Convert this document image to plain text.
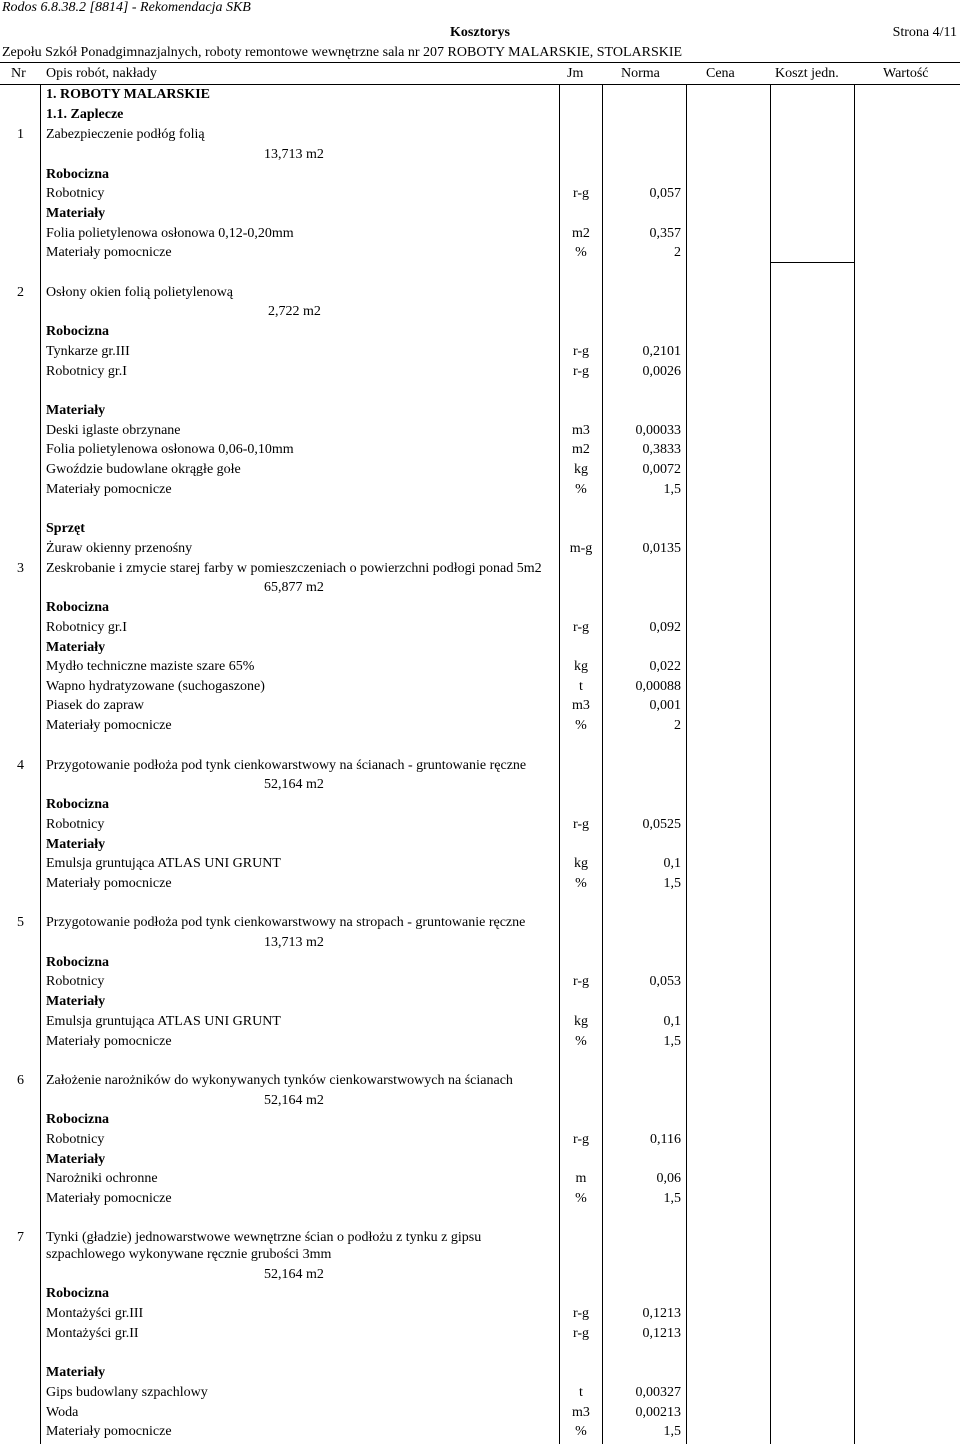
Rodos 6.8.38.2 [8814] - Rekomendacja SKB
Kosztorys	Strona 4/11
Zepołu Szkół Ponadgimnazjalnych, roboty remontowe wewnętrzne sala nr 207 ROBOTY MALARSKIE, STOLARSKIE
Nr Opis robót, nakłady	Jm	Norma	Cena	Koszt jedn.	Wartość
1. ROBOTY MALARSKIE
1.1. Zaplecze
1 Zabezpieczenie podłóg folią
13,713 m2
Robocizna
Robotnicy	r-g	0,057
Materiały
Folia polietylenowa osłonowa 0,12-0,20mm	m2	0,357
Materiały pomocnicze	%	2
2 Osłony okien folią polietylenową
2,722 m2
Robocizna
Tynkarze gr.III	r-g	0,2101
Robotnicy gr.I	r-g	0,0026
Materiały
Deski iglaste obrzynane	m3	0,00033
Folia polietylenowa osłonowa 0,06-0,10mm	m2	0,3833
Gwoździe budowlane okrągłe gołe	kg	0,0072
Materiały pomocnicze	%	1,5
Sprzęt
Żuraw okienny przenośny	m-g	0,0135
3 Zeskrobanie i zmycie starej farby w pomieszczeniach o powierzchni podłogi ponad 5m2
65,877 m2
Robocizna
Robotnicy gr.I	r-g	0,092
Materiały
Mydło techniczne maziste szare 65%	kg	0,022
Wapno hydratyzowane (suchogaszone)	t	0,00088
Piasek do zapraw	m3	0,001
Materiały pomocnicze	%	2
4 Przygotowanie podłoża pod tynk cienkowarstwowy na ścianach - gruntowanie ręczne
52,164 m2
Robocizna
Robotnicy	r-g	0,0525
Materiały
Emulsja gruntująca ATLAS UNI GRUNT	kg	0,1
Materiały pomocnicze	%	1,5
5 Przygotowanie podłoża pod tynk cienkowarstwowy na stropach - gruntowanie ręczne
13,713 m2
Robocizna
Robotnicy	r-g	0,053
Materiały
Emulsja gruntująca ATLAS UNI GRUNT	kg	0,1
Materiały pomocnicze	%	1,5
6 Założenie narożników do wykonywanych tynków cienkowarstwowych na ścianach
52,164 m2
Robocizna
Robotnicy	r-g	0,116
Materiały
Narożniki ochronne	m	0,06
Materiały pomocnicze	%	1,5
7 Tynki (gładzie) jednowarstwowe wewnętrzne ścian o podłożu z tynku z gipsu
szpachlowego wykonywane ręcznie grubości 3mm
52,164 m2
Robocizna
Montażyści gr.III	r-g	0,1213
Montażyści gr.II	r-g	0,1213
Materiały
Gips budowlany szpachlowy	t	0,00327
Woda	m3	0,00213
Materiały pomocnicze	%	1,5
